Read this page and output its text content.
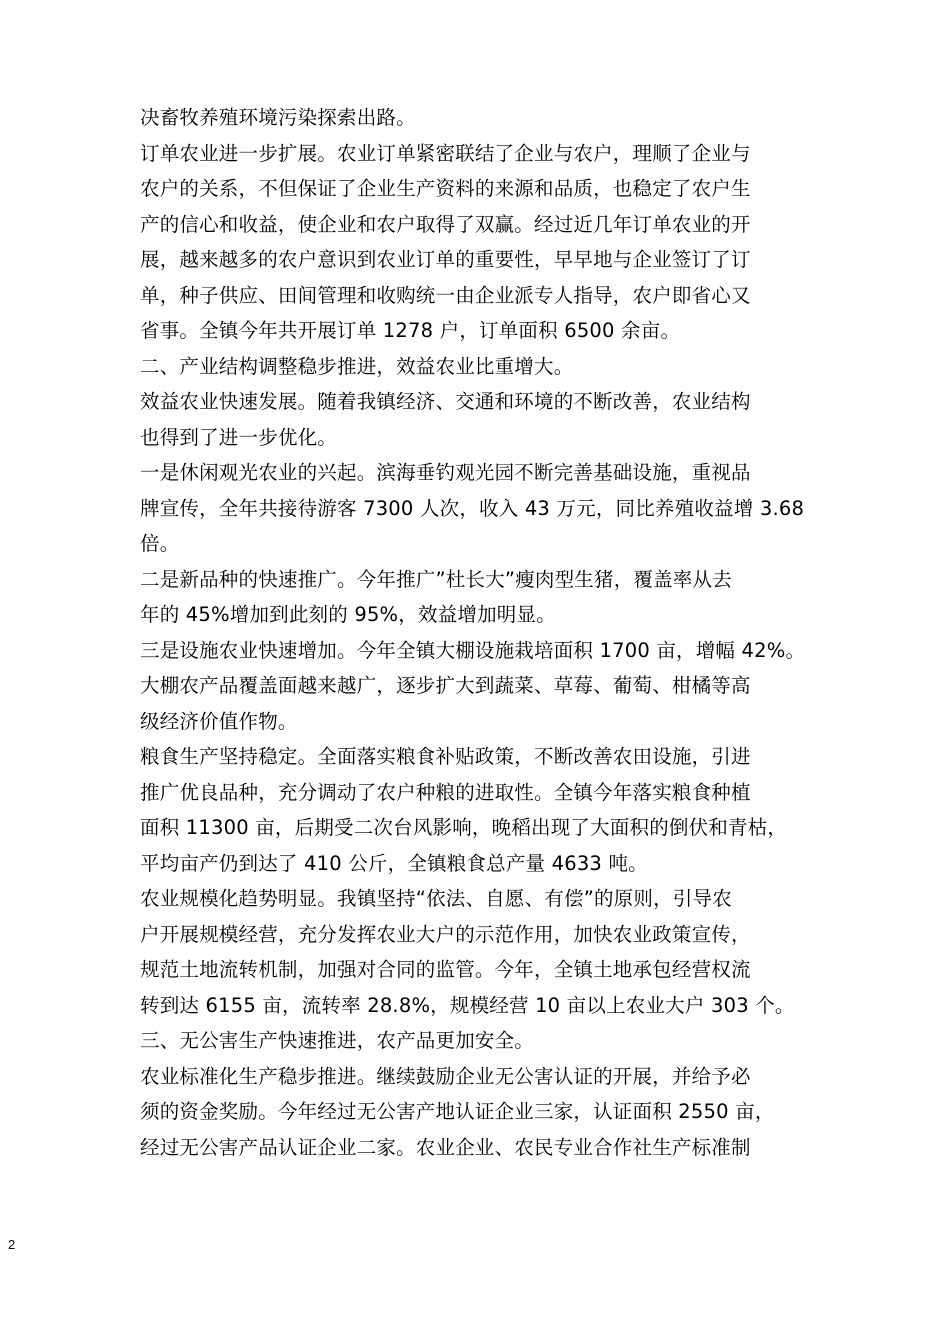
决畜牧养殖环境污染探索出路。
订单农业进一步扩展。农业订单紧密联结了企业与农户，理顺了企业与
农户的关系，不但保证了企业生产资料的来源和品质，也稳定了农户生
产的信心和收益，使企业和农户取得了双赢。经过近几年订单农业的开
展，越来越多的农户意识到农业订单的重要性，早早地与企业签订了订
单，种子供应、田间管理和收购统一由企业派专人指导，农户即省心又
省事。全镇今年共开展订单 1278 户，订单面积 6500 余亩。
二、产业结构调整稳步推进，效益农业比重增大。
效益农业快速发展。随着我镇经济、交通和环境的不断改善，农业结构
也得到了进一步优化。
一是休闲观光农业的兴起。滨海垂钓观光园不断完善基础设施，重视品
牌宣传，全年共接待游客 7300 人次，收入 43 万元，同比养殖收益增 3.68
倍。
二是新品种的快速推广。今年推广”杜长大”瘦肉型生猪，覆盖率从去
年的 45%增加到此刻的 95%，效益增加明显。
三是设施农业快速增加。今年全镇大棚设施栽培面积 1700 亩，增幅 42%。
大棚农产品覆盖面越来越广，逐步扩大到蔬菜、草莓、葡萄、柑橘等高
级经济价值作物。
粮食生产坚持稳定。全面落实粮食补贴政策，不断改善农田设施，引进
推广优良品种，充分调动了农户种粮的进取性。全镇今年落实粮食种植
面积 11300 亩，后期受二次台风影响，晚稻出现了大面积的倒伏和青枯，
平均亩产仍到达了 410 公斤，全镇粮食总产量 4633 吨。
农业规模化趋势明显。我镇坚持“依法、自愿、有偿”的原则，引导农
户开展规模经营，充分发挥农业大户的示范作用，加快农业政策宣传，
规范土地流转机制，加强对合同的监管。今年，全镇土地承包经营权流
转到达 6155 亩，流转率 28.8%，规模经营 10 亩以上农业大户 303 个。
三、无公害生产快速推进，农产品更加安全。
农业标准化生产稳步推进。继续鼓励企业无公害认证的开展，并给予必
须的资金奖励。今年经过无公害产地认证企业三家，认证面积 2550 亩，
经过无公害产品认证企业二家。农业企业、农民专业合作社生产标准制
2
